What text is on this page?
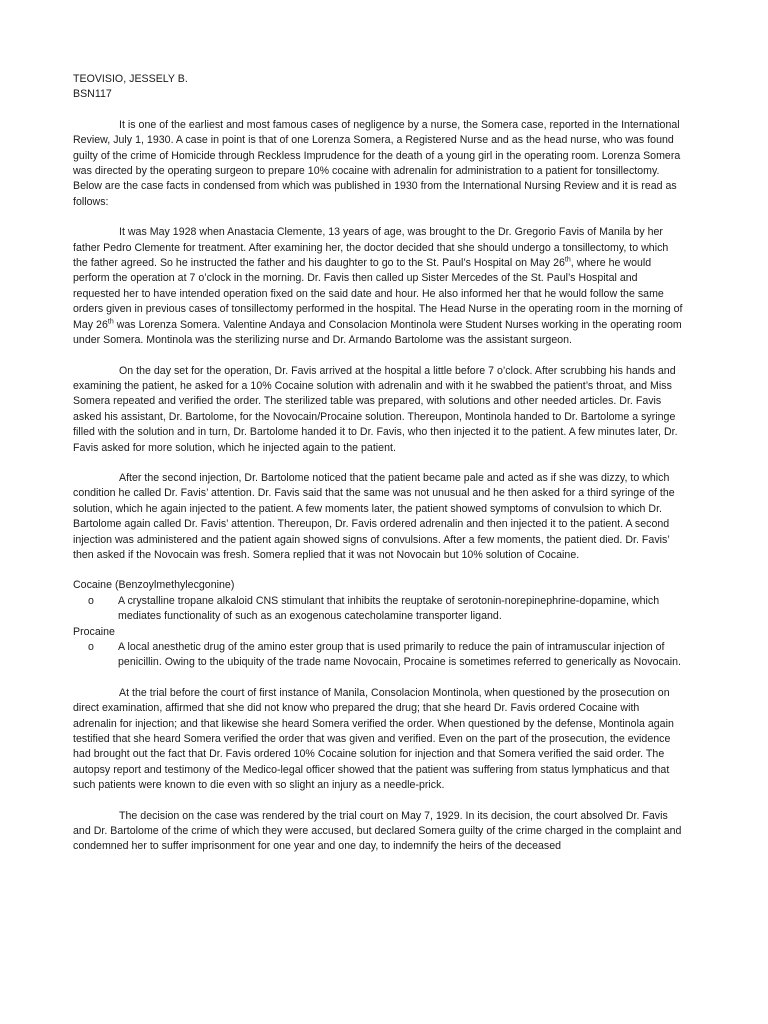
TEOVISIO, JESSELY B.
BSN117

It is one of the earliest and most famous cases of negligence by a nurse, the Somera case, reported in the International Review, July 1, 1930. A case in point is that of one Lorenza Somera, a Registered Nurse and as the head nurse, who was found guilty of the crime of Homicide through Reckless Imprudence for the death of a young girl in the operating room. Lorenza Somera was directed by the operating surgeon to prepare 10% cocaine with adrenalin for administration to a patient for tonsillectomy. Below are the case facts in condensed from which was published in 1930 from the International Nursing Review and it is read as follows:

It was May 1928 when Anastacia Clemente, 13 years of age, was brought to the Dr. Gregorio Favis of Manila by her father Pedro Clemente for treatment. After examining her, the doctor decided that she should undergo a tonsillectomy, to which the father agreed. So he instructed the father and his daughter to go to the St. Paul’s Hospital on May 26th, where he would perform the operation at 7 o’clock in the morning. Dr. Favis then called up Sister Mercedes of the St. Paul’s Hospital and requested her to have intended operation fixed on the said date and hour. He also informed her that he would follow the same orders given in previous cases of tonsillectomy performed in the hospital. The Head Nurse in the operating room in the morning of May 26th was Lorenza Somera. Valentine Andaya and Consolacion Montinola were Student Nurses working in the operating room under Somera. Montinola was the sterilizing nurse and Dr. Armando Bartolome was the assistant surgeon.

On the day set for the operation, Dr. Favis arrived at the hospital a little before 7 o’clock. After scrubbing his hands and examining the patient, he asked for a 10% Cocaine solution with adrenalin and with it he swabbed the patient’s throat, and Miss Somera repeated and verified the order. The sterilized table was prepared, with solutions and other needed articles. Dr. Favis asked his assistant, Dr. Bartolome, for the Novocain/Procaine solution. Thereupon, Montinola handed to Dr. Bartolome a syringe filled with the solution and in turn, Dr. Bartolome handed it to Dr. Favis, who then injected it to the patient. A few minutes later, Dr. Favis asked for more solution, which he injected again to the patient.

After the second injection, Dr. Bartolome noticed that the patient became pale and acted as if she was dizzy, to which condition he called Dr. Favis’ attention. Dr. Favis said that the same was not unusual and he then asked for a third syringe of the solution, which he again injected to the patient. A few moments later, the patient showed symptoms of convulsion to which Dr. Bartolome again called Dr. Favis’ attention. Thereupon, Dr. Favis ordered adrenalin and then injected it to the patient. A second injection was administered and the patient again showed signs of convulsions. After a few moments, the patient died. Dr. Favis’ then asked if the Novocain was fresh. Somera replied that it was not Novocain but 10% solution of Cocaine.

Cocaine (Benzoylmethylecgonine)
o	A crystalline tropane alkaloid CNS stimulant that inhibits the reuptake of serotonin-norepinephrine-dopamine, which mediates functionality of such as an exogenous catecholamine transporter ligand.
Procaine
o	A local anesthetic drug of the amino ester group that is used primarily to reduce the pain of intramuscular injection of penicillin. Owing to the ubiquity of the trade name Novocain, Procaine is sometimes referred to generically as Novocain.

At the trial before the court of first instance of Manila, Consolacion Montinola, when questioned by the prosecution on direct examination, affirmed that she did not know who prepared the drug; that she heard Dr. Favis ordered Cocaine with adrenalin for injection; and that likewise she heard Somera verified the order. When questioned by the defense, Montinola again testified that she heard Somera verified the order that was given and verified. Even on the part of the prosecution, the evidence had brought out the fact that Dr. Favis ordered 10% Cocaine solution for injection and that Somera verified the said order. The autopsy report and testimony of the Medico-legal officer showed that the patient was suffering from status lymphaticus and that such patients were known to die even with so slight an injury as a needle-prick.

The decision on the case was rendered by the trial court on May 7, 1929. In its decision, the court absolved Dr. Favis and Dr. Bartolome of the crime of which they were accused, but declared Somera guilty of the crime charged in the complaint and condemned her to suffer imprisonment for one year and one day, to indemnify the heirs of the deceased
